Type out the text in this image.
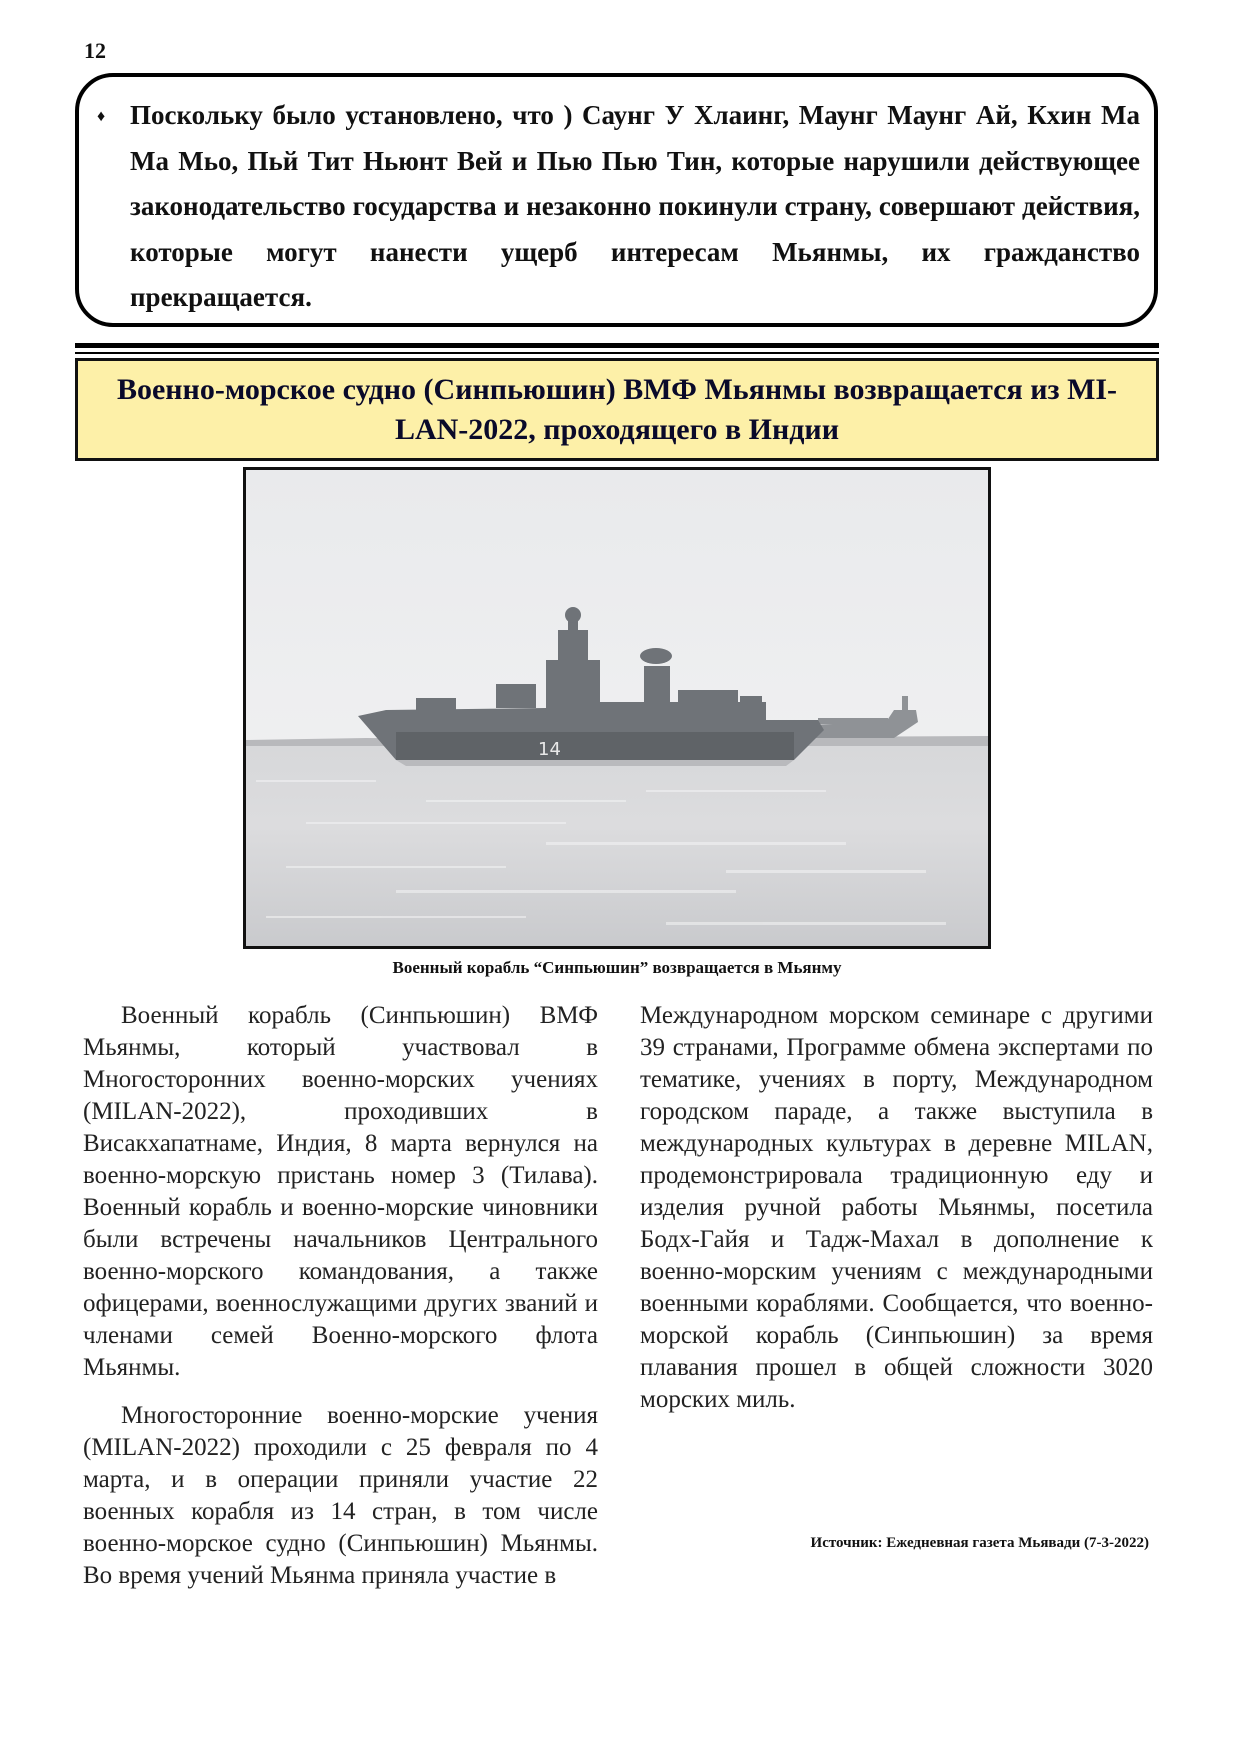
12
♦ Поскольку было установлено, что ) Саунг У Хлаинг, Маунг Маунг Ай, Кхин Ма Ма Мьо, Пьй Тит Ньюнт Вей и Пью Пью Тин, которые нарушили действующее законодательство государства и незаконно покинули страну, совершают действия, которые могут нанести ущерб интересам Мьянмы, их гражданство прекращается.
Военно-морское судно (Синпьюшин) ВМФ Мьянмы возвращается из MI-LAN-2022, проходящего в Индии
14
Военный корабль “Синпьюшин” возвращается в Мьянму

Военный корабль (Синпьюшин) ВМФ Мьянмы, который участвовал в Многосторонних военно-морских учениях (MILAN-2022), проходивших в Висакхапатнаме, Индия, 8 марта вернулся на военно-морскую пристань номер 3 (Тилава). Военный корабль и военно-морские чиновники были встречены начальников Центрального военно-морского командования, а также офицерами, военнослужащими других званий и членами семей Военно-морского флота Мьянмы.

Многосторонние военно-морские учения (MILAN-2022) проходили с 25 февраля по 4 марта, и в операции приняли участие 22 военных корабля из 14 стран, в том числе военно-морское судно (Синпьюшин) Мьянмы. Во время учений Мьянма приняла участие в

Международном морском семинаре с другими 39 странами, Программе обмена экспертами по тематике, учениях в порту, Международном городском параде, а также выступила в международных культурах в деревне MILAN, продемонстрировала традиционную еду и изделия ручной работы Мьянмы, посетила Бодх-Гайя и Тадж-Махал в дополнение к военно-морским учениям с международными военными кораблями. Сообщается, что военно-морской корабль (Синпьюшин) за время плавания прошел в общей сложности 3020 морских миль.

Источник: Ежедневная газета Мьявади (7-3-2022)
